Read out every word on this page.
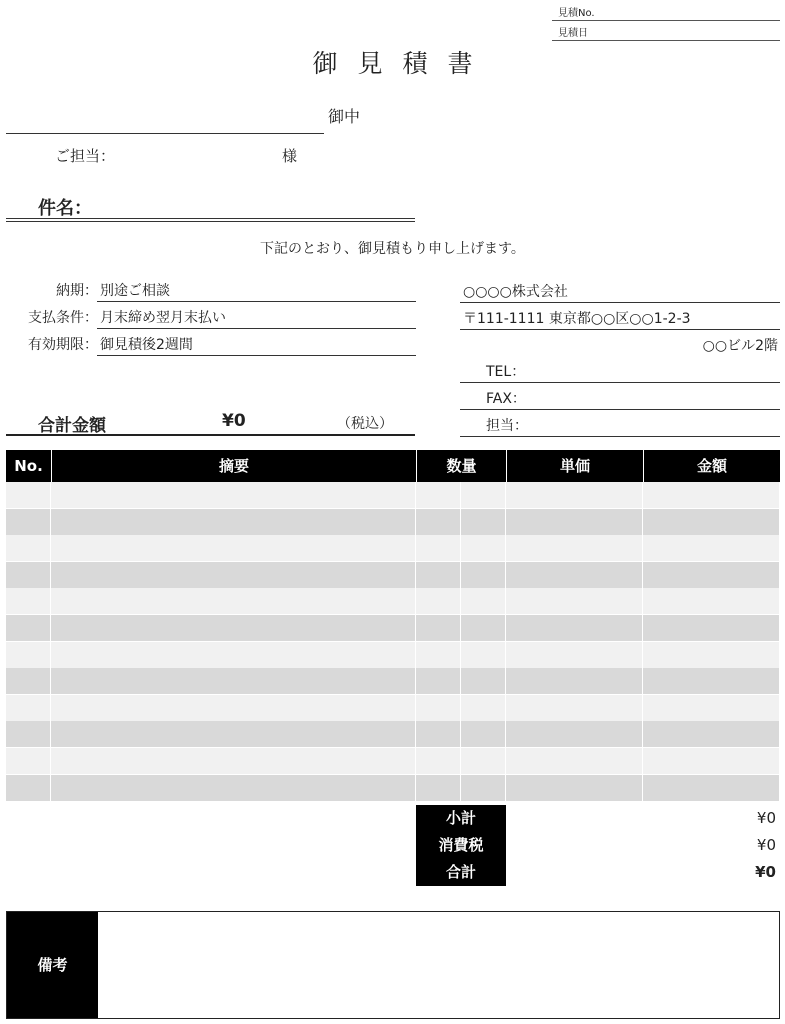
見積No.
見積日
御見積書
御中
ご担当：	様
件名：
下記のとおり、御見積もり申し上げます。
納期： 別途ご相談
支払条件： 月末締め翌月末払い
有効期限： 御見積後2週間
合計金額	¥0	（税込）
○○○○株式会社
〒111-1111 東京都○○区○○1-2-3
○○ビル2階
TEL：
FAX：
担当：
No.	摘要	数量	単価	金額
小計	¥0
消費税	¥0
合計	¥0
備考
